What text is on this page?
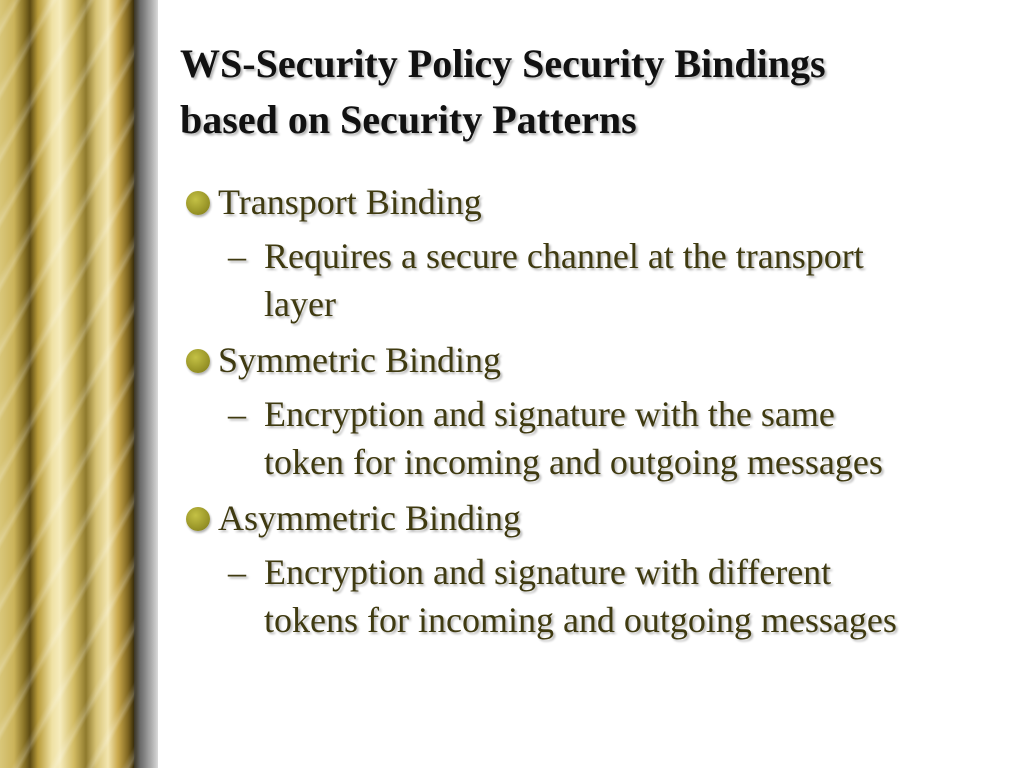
WS-Security Policy Security Bindings
based on Security Patterns

Transport Binding

– Requires a secure channel at the transport
layer

Symmetric Binding

– Encryption and signature with the same
token for incoming and outgoing messages

Asymmetric Binding

– Encryption and signature with different
tokens for incoming and outgoing messages
